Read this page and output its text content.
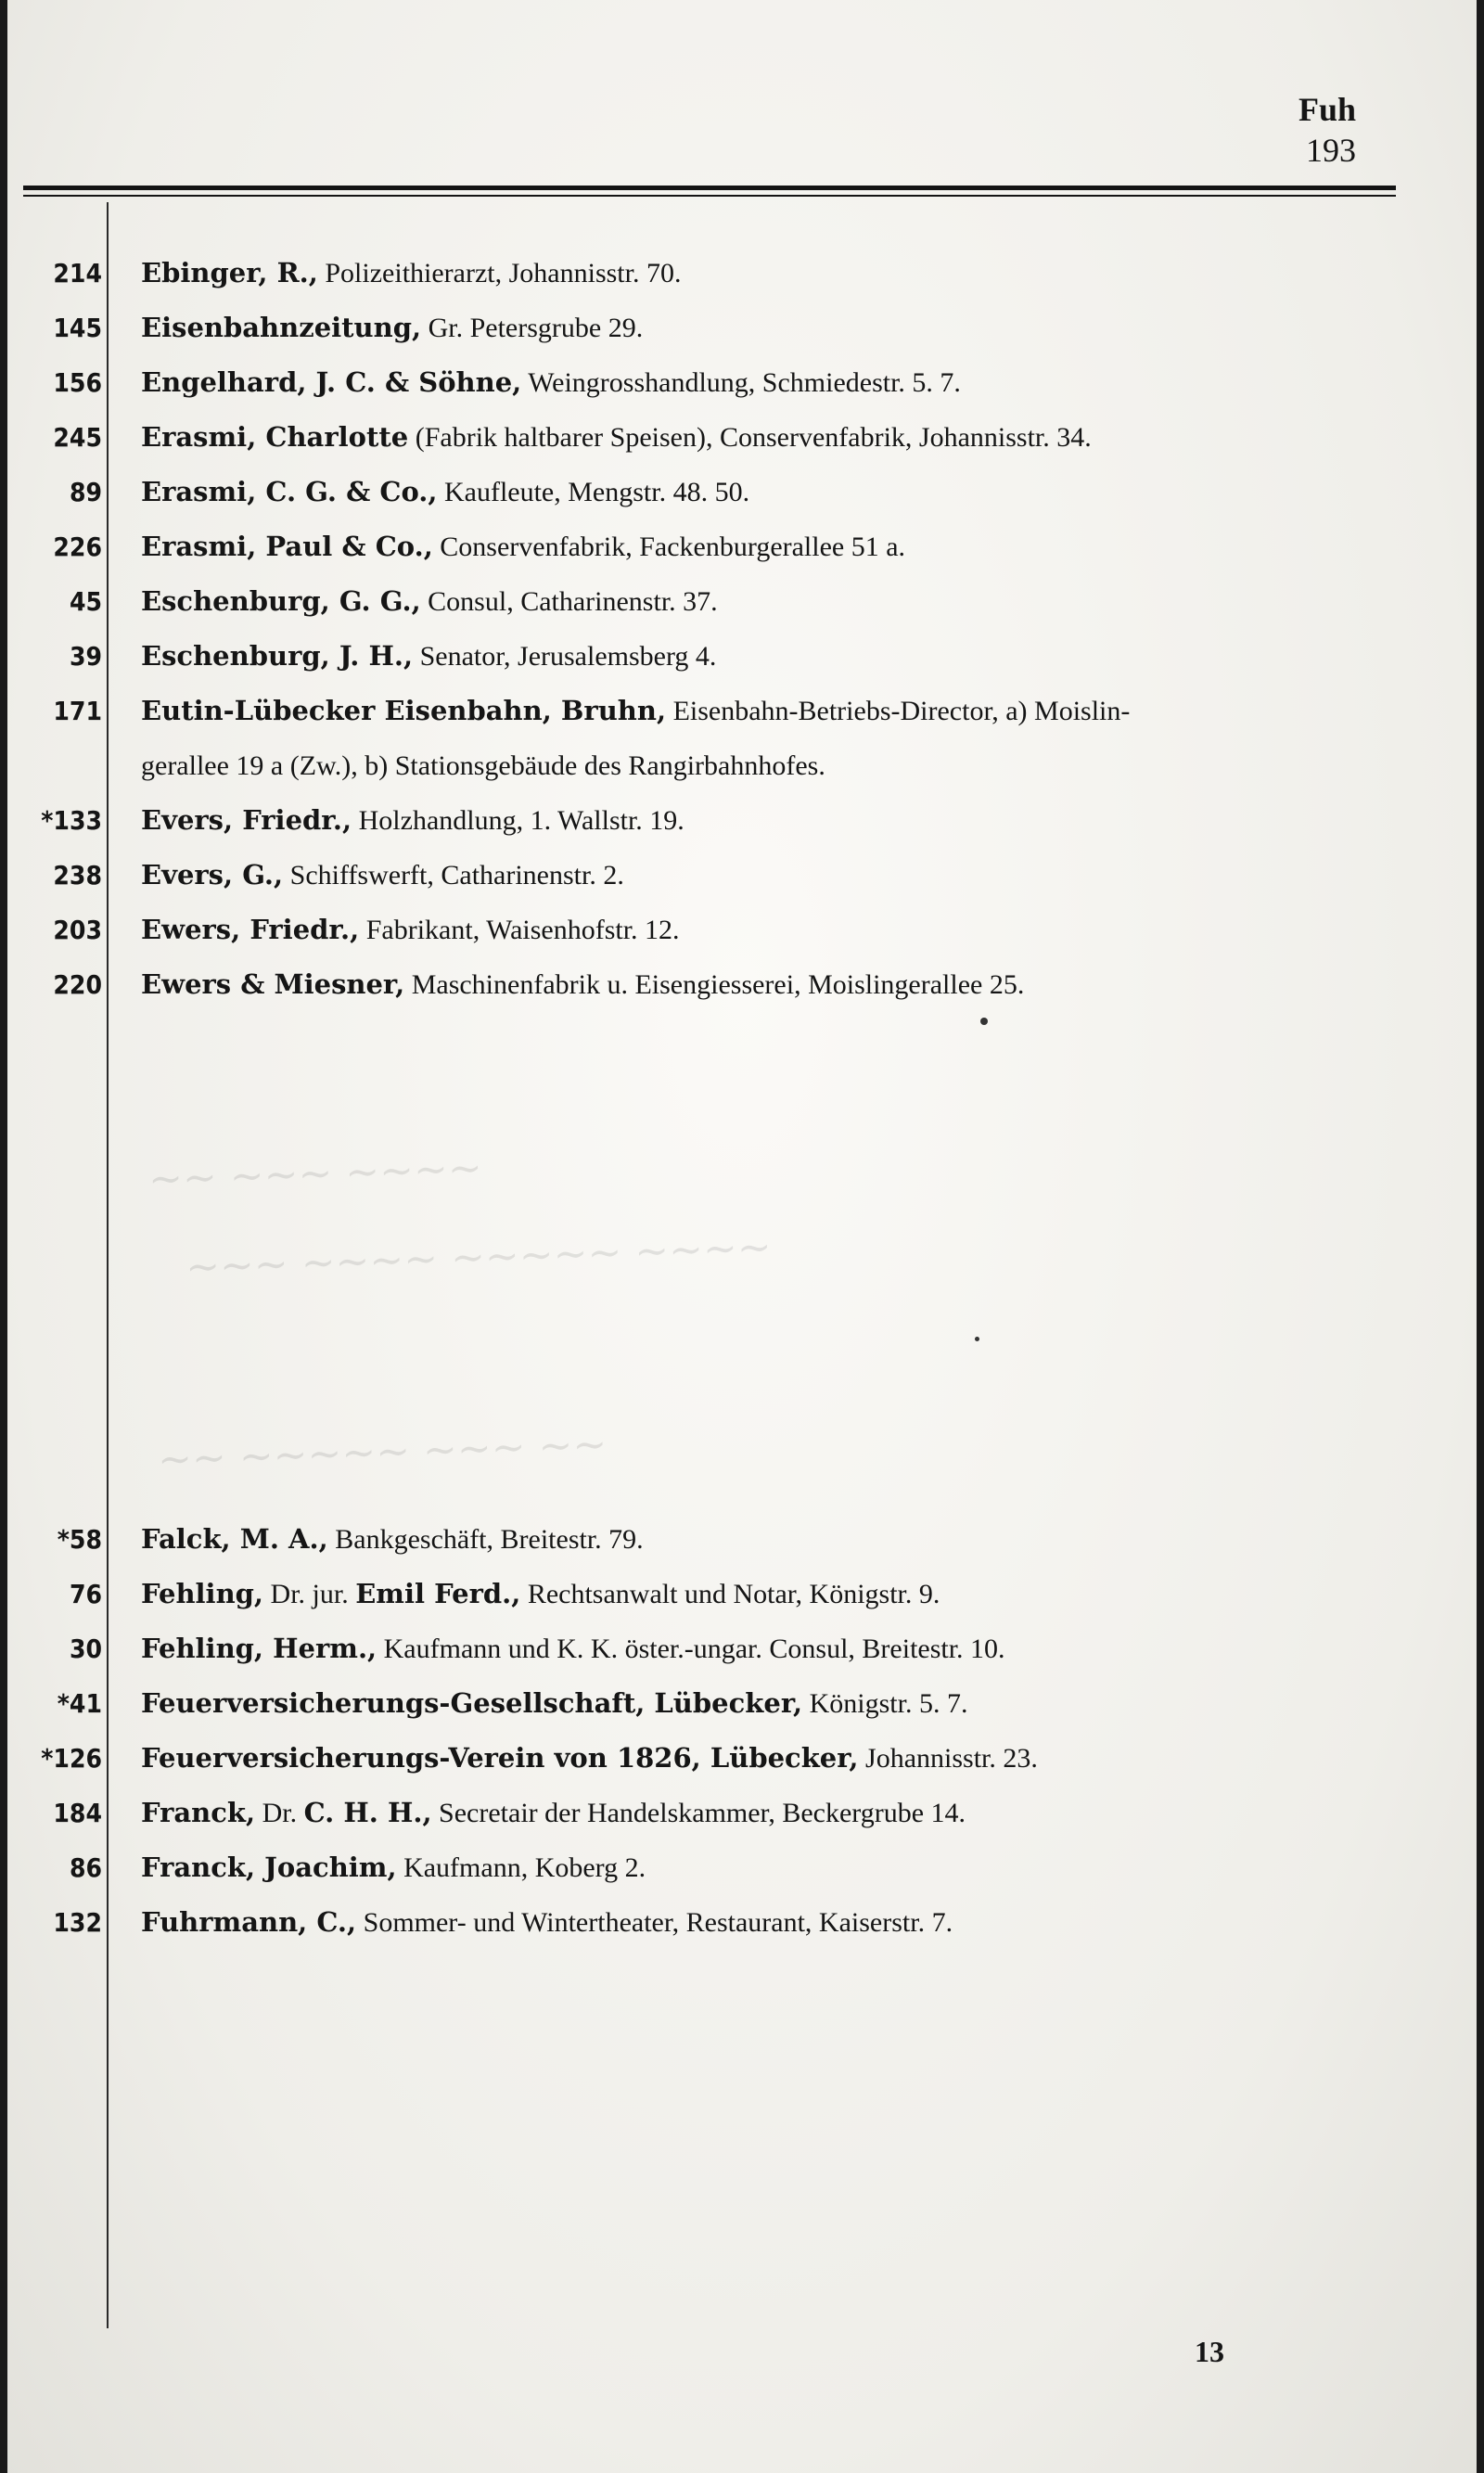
Fuh
193
~~ ~~~ ~~~~
~~~ ~~~~ ~~~~~ ~~~~
~~ ~~~~~ ~~~ ~~
214 Ebinger, R., Polizeithierarzt, Johannisstr. 70.
145 Eisenbahnzeitung, Gr. Petersgrube 29.
156 Engelhard, J. C. & Söhne, Weingrosshandlung, Schmiedestr. 5. 7.
245 Erasmi, Charlotte (Fabrik haltbarer Speisen), Conservenfabrik, Johannisstr. 34.
89 Erasmi, C. G. & Co., Kaufleute, Mengstr. 48. 50.
226 Erasmi, Paul & Co., Conservenfabrik, Fackenburgerallee 51 a.
45 Eschenburg, G. G., Consul, Catharinenstr. 37.
39 Eschenburg, J. H., Senator, Jerusalemsberg 4.
171 Eutin-Lübecker Eisenbahn, Bruhn, Eisenbahn-Betriebs-Director, a) Moislin-
gerallee 19 a (Zw.), b) Stationsgebäude des Rangirbahnhofes.
*133 Evers, Friedr., Holzhandlung, 1. Wallstr. 19.
238 Evers, G., Schiffswerft, Catharinenstr. 2.
203 Ewers, Friedr., Fabrikant, Waisenhofstr. 12.
220 Ewers & Miesner, Maschinenfabrik u. Eisengiesserei, Moislingerallee 25.
*58 Falck, M. A., Bankgeschäft, Breitestr. 79.
76 Fehling, Dr. jur. Emil Ferd., Rechtsanwalt und Notar, Königstr. 9.
30 Fehling, Herm., Kaufmann und K. K. öster.-ungar. Consul, Breitestr. 10.
*41 Feuerversicherungs-Gesellschaft, Lübecker, Königstr. 5. 7.
*126 Feuerversicherungs-Verein von 1826, Lübecker, Johannisstr. 23.
184 Franck, Dr. C. H. H., Secretair der Handelskammer, Beckergrube 14.
86 Franck, Joachim, Kaufmann, Koberg 2.
132 Fuhrmann, C., Sommer- und Wintertheater, Restaurant, Kaiserstr. 7.
13
